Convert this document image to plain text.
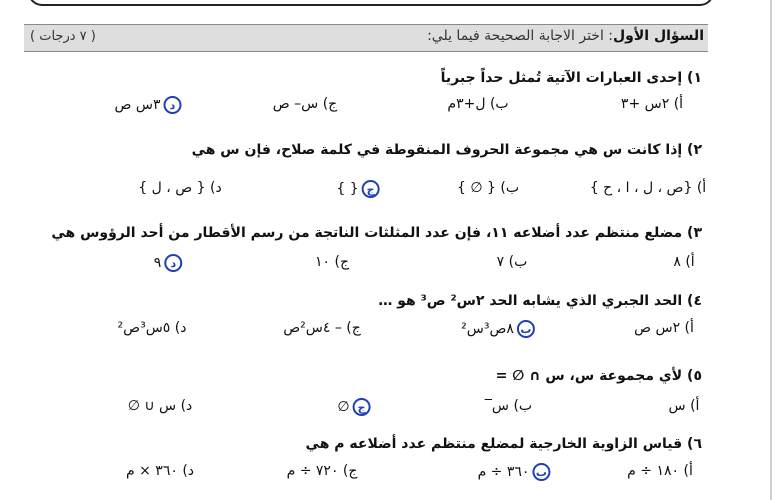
السؤال الأول: اختر الاجابة الصحيحة فيما يلي:
( ٧ درجات )
١) إحدى العبارات الآتية تُمثل حداً جبرياً
أ) ٢س +٣
ب) ل+٣م
ج) س– ص
د٣س ص
٢) إذا كانت س هي مجموعة الحروف المنقوطة في كلمة صلاح، فإن س هي
أ) {ص ، ل ، ا ، ح }
ب) { ∅ }
ج{ }
د) { ص ، ل }
٣) مضلع منتظم عدد أضلاعه ١١، فإن عدد المثلثات الناتجة من رسم الأقطار من أحد الرؤوس هي
أ) ٨
ب) ٧
ج) ١٠
د٩
٤) الحد الجبري الذي يشابه الحد ٢س² ص³ هو …
أ) ٢س ص
ب٨ص³س²
ج) – ٤س²ص
د) ٥س³ص²
٥) لأي مجموعة س، س ∩ ∅ =
أ) س
ب) س̅
ج∅
د) س ∪ ∅
٦) قياس الزاوية الخارجية لمضلع منتظم عدد أضلاعه م هي
أ) ١٨٠ ÷ م
ب٣٦٠ ÷ م
ج) ٧٢٠ ÷ م
د) ٣٦٠ × م
